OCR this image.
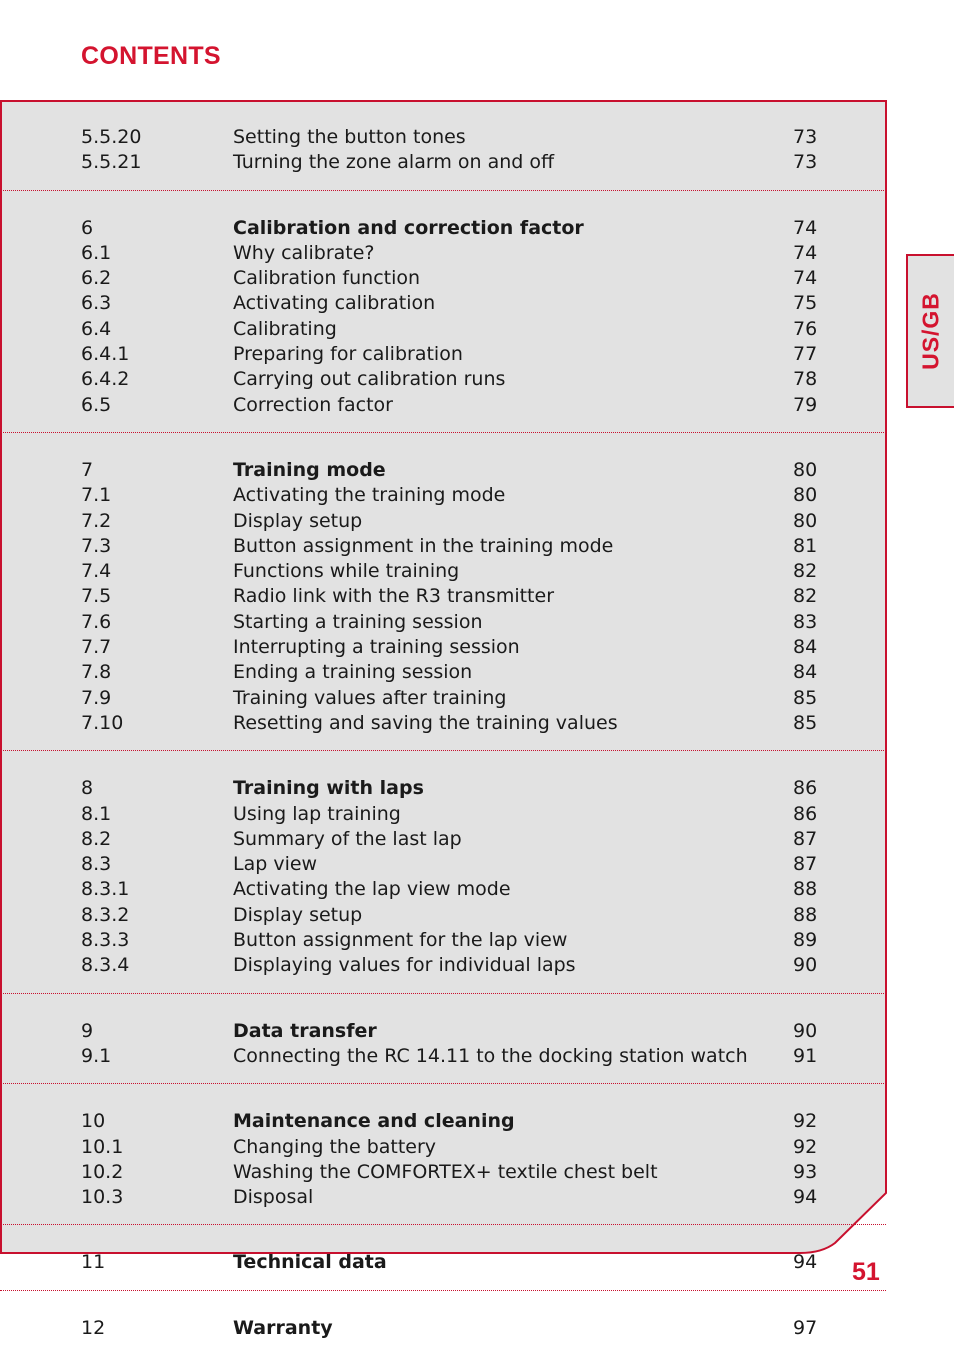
CONTENTS
5.5.20	Setting the button tones	73
5.5.21	Turning the zone alarm on and off	73
6	Calibration and correction factor	74
6.1	Why calibrate?	74
6.2	Calibration function	74
6.3	Activating calibration	75
6.4	Calibrating	76
6.4.1	Preparing for calibration	77
6.4.2	Carrying out calibration runs	78
6.5	Correction factor	79
7	Training mode	80
7.1	Activating the training mode	80
7.2	Display setup	80
7.3	Button assignment in the training mode	81
7.4	Functions while training	82
7.5	Radio link with the R3 transmitter	82
7.6	Starting a training session	83
7.7	Interrupting a training session	84
7.8	Ending a training session	84
7.9	Training values after training	85
7.10	Resetting and saving the training values	85
8	Training with laps	86
8.1	Using lap training	86
8.2	Summary of the last lap	87
8.3	Lap view	87
8.3.1	Activating the lap view mode	88
8.3.2	Display setup	88
8.3.3	Button assignment for the lap view	89
8.3.4	Displaying values for individual laps	90
9	Data transfer	90
9.1	Connecting the RC 14.11 to the docking station watch 91
10	Maintenance and cleaning	92
10.1	Changing the battery	92
10.2	Washing the COMFORTEX+ textile chest belt	93
10.3	Disposal	94
11	Technical data	94
12	Warranty	97
US/GB
51
